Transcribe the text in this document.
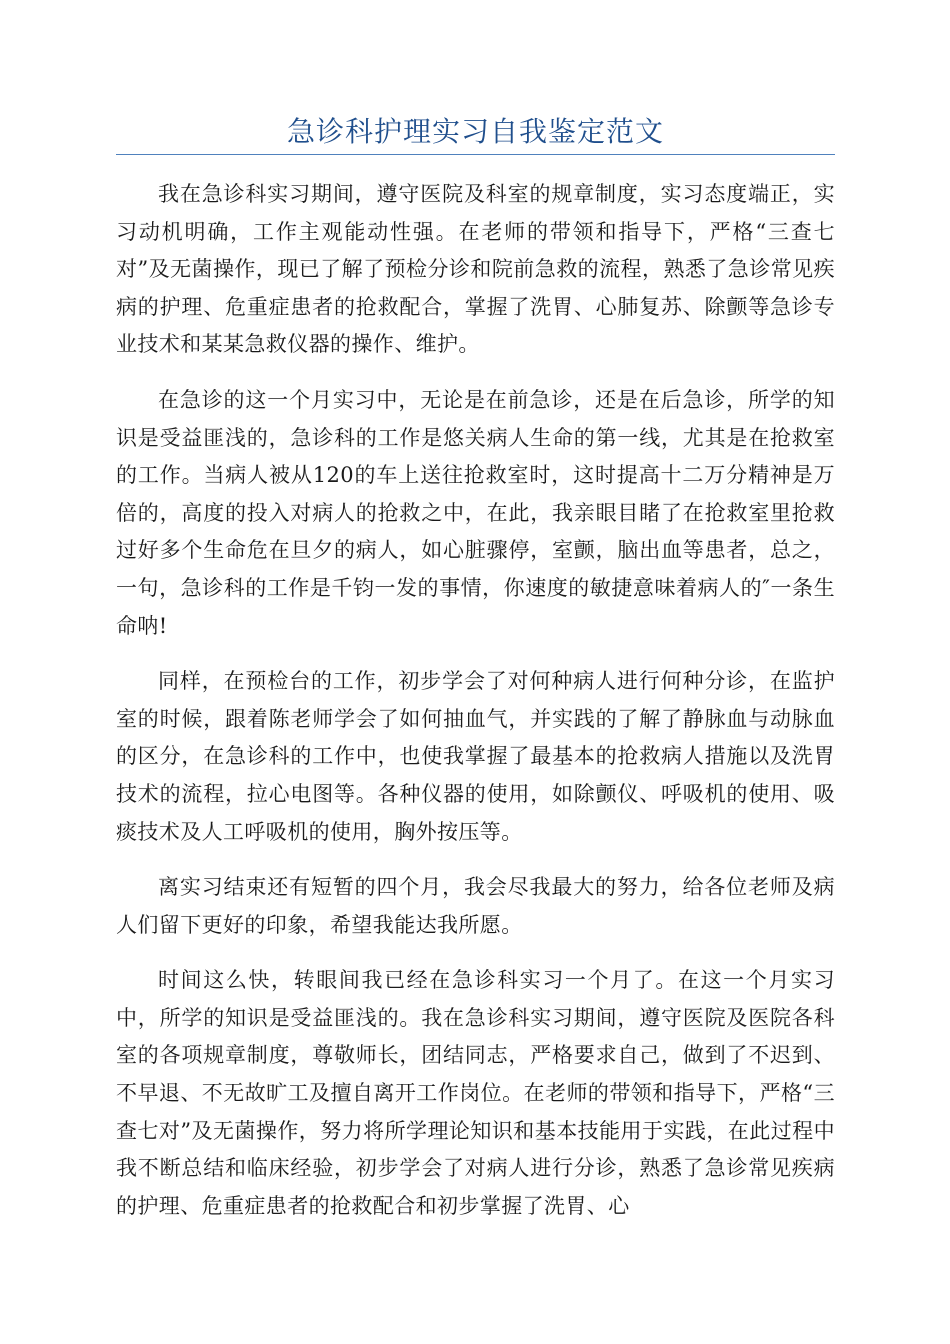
急诊科护理实习自我鉴定范文

我在急诊科实习期间，遵守医院及科室的规章制度，实习态度端正，实习动机明确，工作主观能动性强。在老师的带领和指导下，严格“三查七对”及无菌操作，现已了解了预检分诊和院前急救的流程，熟悉了急诊常见疾病的护理、危重症患者的抢救配合，掌握了洗胃、心肺复苏、除颤等急诊专业技术和某某急救仪器的操作、维护。

在急诊的这一个月实习中，无论是在前急诊，还是在后急诊，所学的知识是受益匪浅的，急诊科的工作是悠关病人生命的第一线，尤其是在抢救室的工作。当病人被从120的车上送往抢救室时，这时提高十二万分精神是万倍的，高度的投入对病人的抢救之中，在此，我亲眼目睹了在抢救室里抢救过好多个生命危在旦夕的病人，如心脏骤停，室颤，脑出血等患者，总之，一句，急诊科的工作是千钧一发的事情，你速度的敏捷意味着病人的″一条生命呐!

同样，在预检台的工作，初步学会了对何种病人进行何种分诊，在监护室的时候，跟着陈老师学会了如何抽血气，并实践的了解了静脉血与动脉血的区分，在急诊科的工作中，也使我掌握了最基本的抢救病人措施以及洗胃技术的流程，拉心电图等。各种仪器的使用，如除颤仪、呼吸机的使用、吸痰技术及人工呼吸机的使用，胸外按压等。

离实习结束还有短暂的四个月，我会尽我最大的努力，给各位老师及病人们留下更好的印象，希望我能达我所愿。

时间这么快，转眼间我已经在急诊科实习一个月了。在这一个月实习中，所学的知识是受益匪浅的。我在急诊科实习期间，遵守医院及医院各科室的各项规章制度，尊敬师长，团结同志，严格要求自己，做到了不迟到、不早退、不无故旷工及擅自离开工作岗位。在老师的带领和指导下，严格“三查七对”及无菌操作，努力将所学理论知识和基本技能用于实践，在此过程中我不断总结和临床经验，初步学会了对病人进行分诊，熟悉了急诊常见疾病的护理、危重症患者的抢救配合和初步掌握了洗胃、心
